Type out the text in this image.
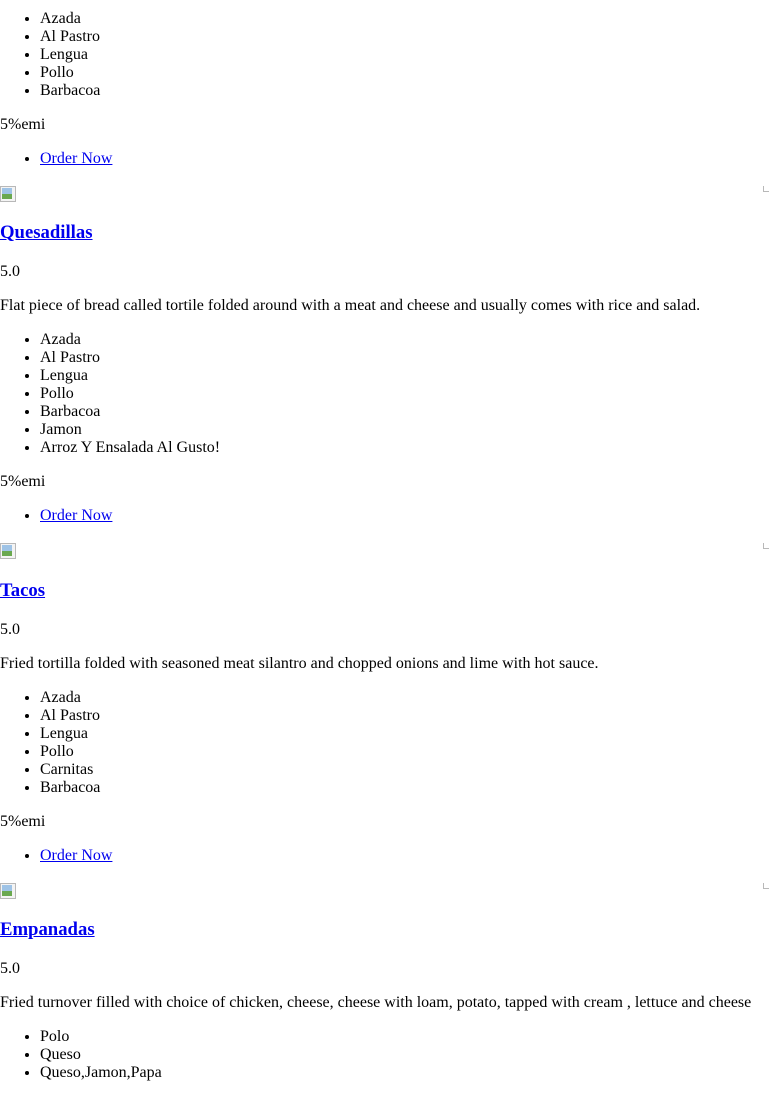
• Azada
• Al Pastro
• Lengua
• Pollo
• Barbacoa

5%emi

• Order Now
Quesadillas

5.0

Flat piece of bread called tortile folded around with a meat and cheese and usually comes with rice and salad.

• Azada
• Al Pastro
• Lengua
• Pollo
• Barbacoa
• Jamon
• Arroz Y Ensalada Al Gusto!

5%emi

• Order Now
Tacos

5.0

Fried tortilla folded with seasoned meat silantro and chopped onions and lime with hot sauce.

• Azada
• Al Pastro
• Lengua
• Pollo
• Carnitas
• Barbacoa

5%emi

• Order Now
Empanadas

5.0

Fried turnover filled with choice of chicken, cheese, cheese with loam, potato, tapped with cream , lettuce and cheese

• Polo
• Queso
• Queso,Jamon,Papa
